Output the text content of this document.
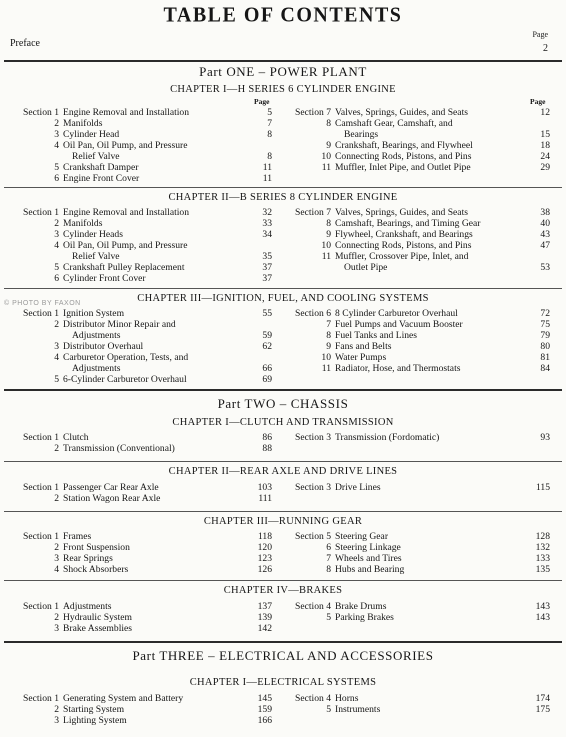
TABLE OF CONTENTS
Page
Preface	2
© PHOTO BY FAXON
Part ONE – POWER PLANT
CHAPTER I—H SERIES 6 CYLINDER ENGINE
Page	Page
Section 1 Engine Removal and Installation	5
2 Manifolds	7
3 Cylinder Head	8
4 Oil Pan, Oil Pump, and Pressure
Relief Valve	8
5 Crankshaft Damper	11
6 Engine Front Cover	11
Section 7 Valves, Springs, Guides, and Seats	12
8 Camshaft Gear, Camshaft, and
Bearings	15
9 Crankshaft, Bearings, and Flywheel	18
10 Connecting Rods, Pistons, and Pins	24
11 Muffler, Inlet Pipe, and Outlet Pipe	29
CHAPTER II—B SERIES 8 CYLINDER ENGINE
Section 1 Engine Removal and Installation	32
2 Manifolds	33
3 Cylinder Heads	34
4 Oil Pan, Oil Pump, and Pressure
Relief Valve	35
5 Crankshaft Pulley Replacement	37
6 Cylinder Front Cover	37
Section 7 Valves, Springs, Guides, and Seats	38
8 Camshaft, Bearings, and Timing Gear	40
9 Flywheel, Crankshaft, and Bearings	43
10 Connecting Rods, Pistons, and Pins	47
11 Muffler, Crossover Pipe, Inlet, and
Outlet Pipe	53
CHAPTER III—IGNITION, FUEL, AND COOLING SYSTEMS
Section 1 Ignition System	55
2 Distributor Minor Repair and
Adjustments	59
3 Distributor Overhaul	62
4 Carburetor Operation, Tests, and
Adjustments	66
5 6-Cylinder Carburetor Overhaul	69
Section 6 8 Cylinder Carburetor Overhaul	72
7 Fuel Pumps and Vacuum Booster	75
8 Fuel Tanks and Lines	79
9 Fans and Belts	80
10 Water Pumps	81
11 Radiator, Hose, and Thermostats	84
Part TWO – CHASSIS
CHAPTER I—CLUTCH AND TRANSMISSION
Section 1 Clutch	86
2 Transmission (Conventional)	88
Section 3 Transmission (Fordomatic)	93
CHAPTER II—REAR AXLE AND DRIVE LINES
Section 1 Passenger Car Rear Axle	103
2 Station Wagon Rear Axle	111
Section 3 Drive Lines	115
CHAPTER III—RUNNING GEAR
Section 1 Frames	118
2 Front Suspension	120
3 Rear Springs	123
4 Shock Absorbers	126
Section 5 Steering Gear	128
6 Steering Linkage	132
7 Wheels and Tires	133
8 Hubs and Bearing	135
CHAPTER IV—BRAKES
Section 1 Adjustments	137
2 Hydraulic System	139
3 Brake Assemblies	142
Section 4 Brake Drums	143
5 Parking Brakes	143
Part THREE – ELECTRICAL AND ACCESSORIES
CHAPTER I—ELECTRICAL SYSTEMS
Section 1 Generating System and Battery	145
2 Starting System	159
3 Lighting System	166
Section 4 Horns	174
5 Instruments	175
